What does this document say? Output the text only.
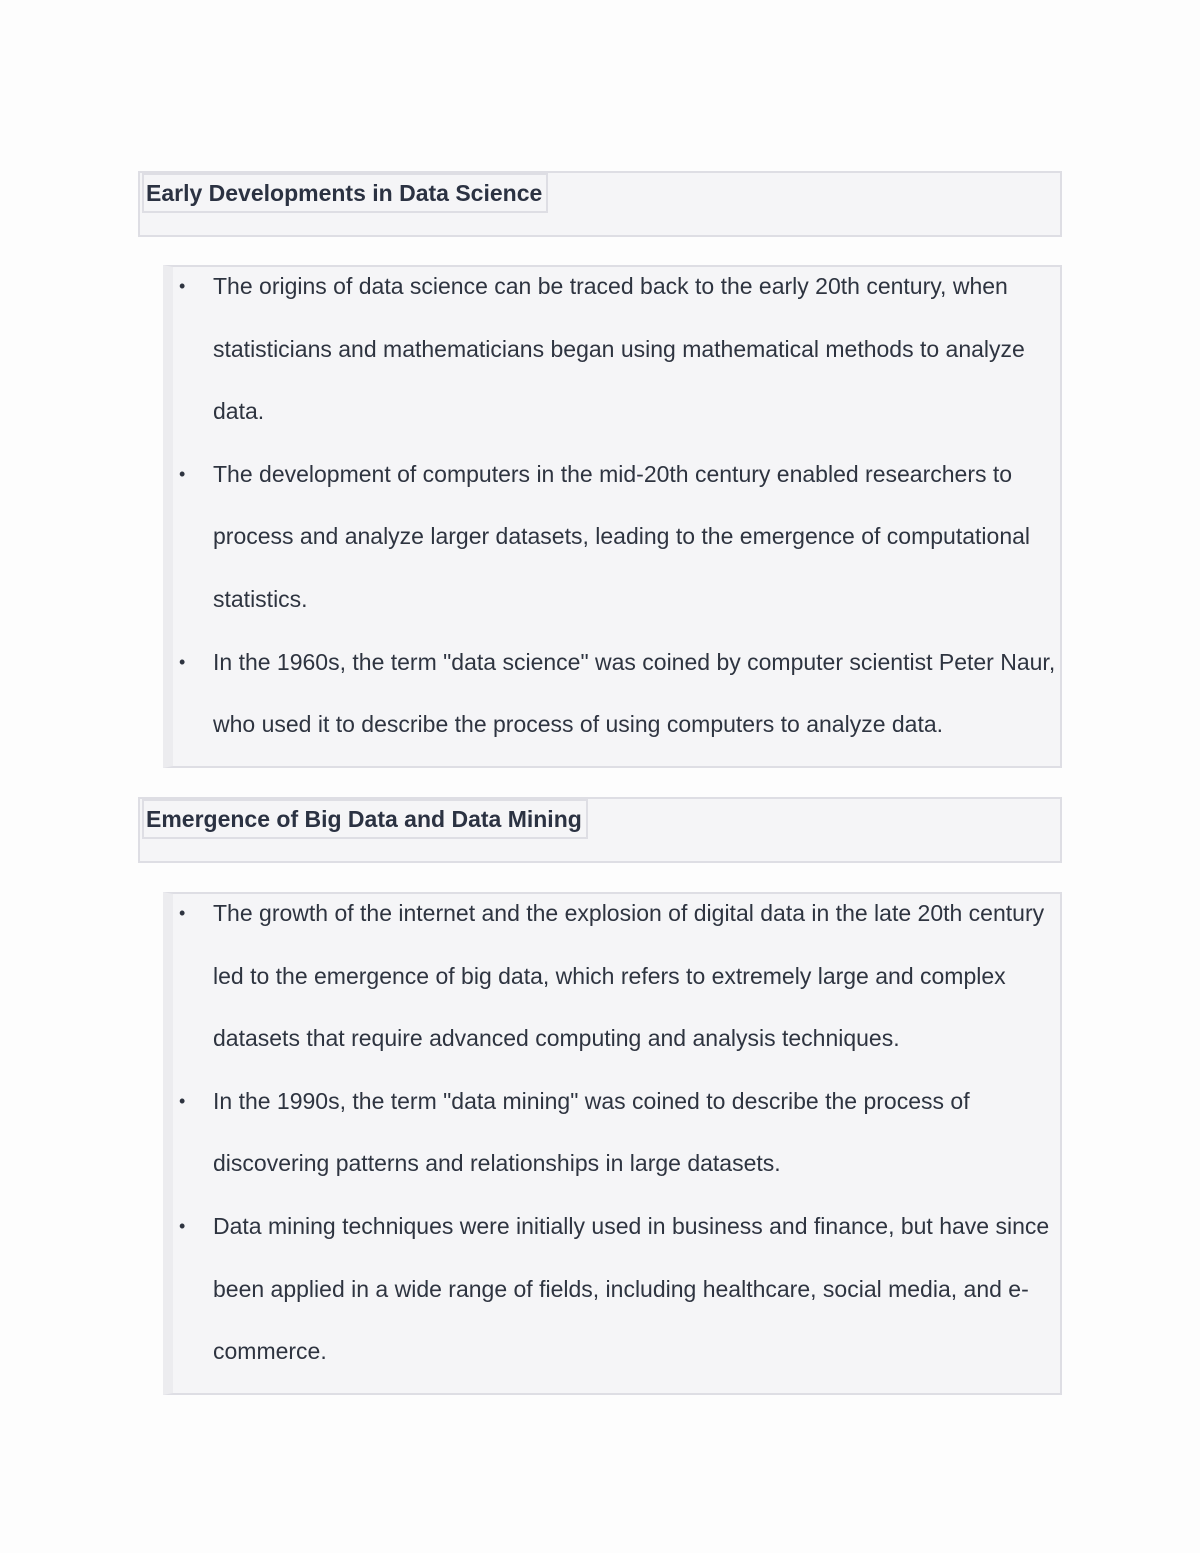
Early Developments in Data Science
• The origins of data science can be traced back to the early 20th century, when statisticians and mathematicians began using mathematical methods to analyze data.
• The development of computers in the mid-20th century enabled researchers to process and analyze larger datasets, leading to the emergence of computational statistics.
• In the 1960s, the term "data science" was coined by computer scientist Peter Naur, who used it to describe the process of using computers to analyze data.
Emergence of Big Data and Data Mining
• The growth of the internet and the explosion of digital data in the late 20th century led to the emergence of big data, which refers to extremely large and complex datasets that require advanced computing and analysis techniques.
• In the 1990s, the term "data mining" was coined to describe the process of discovering patterns and relationships in large datasets.
• Data mining techniques were initially used in business and finance, but have since been applied in a wide range of fields, including healthcare, social media, and e-commerce.
